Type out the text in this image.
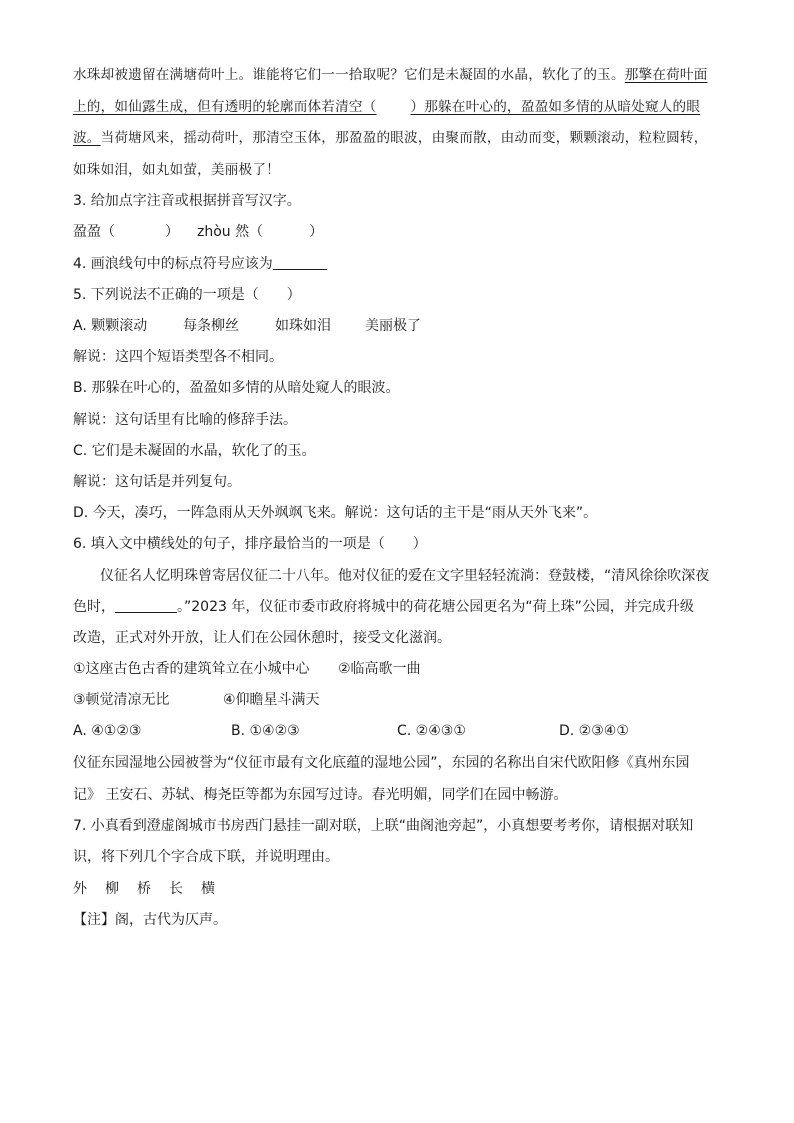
水珠却被遗留在满塘荷叶上。谁能将它们一一拾取呢？它们是未凝固的水晶，软化了的玉。那擎在荷叶面
上的，如仙露生成，但有透明的轮廓而体若清空（	）那躲在叶心的，盈盈如多情的从暗处窥人的眼
波。当荷塘风来，摇动荷叶，那清空玉体，那盈盈的眼波，由聚而散，由动而变，颗颗滚动，粒粒圆转，
如珠如泪，如丸如萤，美丽极了！
3. 给加点字注音或根据拼音写汉字。
盈盈（	） zhòu 然（	）
4. 画浪线句中的标点符号应该为
5. 下列说法不正确的一项是（　　）
A. 颗颗滚动	每条柳丝	如珠如泪 美丽极了
解说：这四个短语类型各不相同。
B. 那躲在叶心的，盈盈如多情的从暗处窥人的眼波。
解说：这句话里有比喻的修辞手法。
C. 它们是未凝固的水晶，软化了的玉。
解说：这句话是并列复句。
D. 今天，凑巧，一阵急雨从天外飒飒飞来。解说：这句话的主干是“雨从天外飞来”。
6. 填入文中横线处的句子，排序最恰当的一项是（　　）
仪征名人忆明珠曾寄居仪征二十八年。他对仪征的爱在文字里轻轻流淌：登鼓楼，“清风徐徐吹深夜
色时，	。”2023 年，仪征市委市政府将城中的荷花塘公园更名为“荷上珠”公园，并完成升级
改造，正式对外开放，让人们在公园休憩时，接受文化滋润。
①这座古色古香的建筑耸立在小城中心 ②临高歌一曲
③顿觉清凉无比	④仰瞻星斗满天
A. ④①②③	B. ①④②③	C. ②④③①	D. ②③④①
仪征东园湿地公园被誉为“仪征市最有文化底蕴的湿地公园”，东园的名称出自宋代欧阳修《真州东园
记》 王安石、苏轼、梅尧臣等都为东园写过诗。春光明媚，同学们在园中畅游。
7. 小真看到澄虚阁城市书房西门悬挂一副对联，上联“曲阁池旁起”，小真想要考考你，请根据对联知
识，将下列几个字合成下联，并说明理由。
外 柳 桥 长 横
【注】阁，古代为仄声。
